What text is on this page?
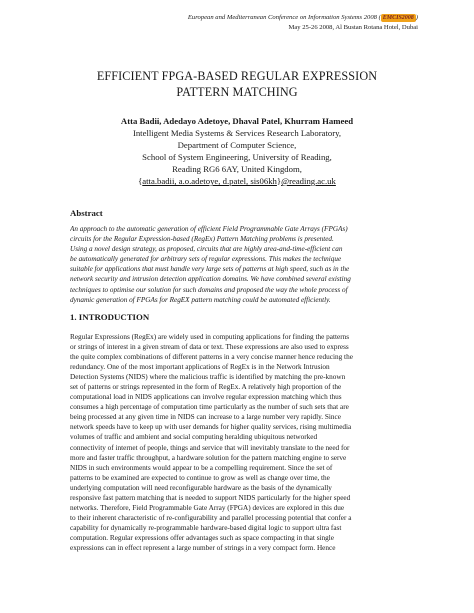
European and Mediterranean Conference on Information Systems 2008 ( EMCIS2008 )
May 25-26 2008, Al Bustan Rotana Hotel, Dubai
EFFICIENT FPGA-BASED REGULAR EXPRESSION
PATTERN MATCHING
Atta Badii, Adedayo Adetoye, Dhaval Patel, Khurram Hameed
Intelligent Media Systems & Services Research Laboratory,
Department of Computer Science,
School of System Engineering, University of Reading,
Reading RG6 6AY, United Kingdom,
{atta.badii, a.o.adetoye, d.patel, sis06kh}@reading.ac.uk
Abstract
An approach to the automatic generation of efficient Field Programmable Gate Arrays (FPGAs)
circuits for the Regular Expression-based (RegEx) Pattern Matching problems is presented.
Using a novel design strategy, as proposed, circuits that are highly area-and-time-efficient can
be automatically generated for arbitrary sets of regular expressions. This makes the technique
suitable for applications that must handle very large sets of patterns at high speed, such as in the
network security and intrusion detection application domains. We have combined several existing
techniques to optimise our solution for such domains and proposed the way the whole process of
dynamic generation of FPGAs for RegEX pattern matching could be automated efficiently.
1. INTRODUCTION
Regular Expressions (RegEx) are widely used in computing applications for finding the patterns
or strings of interest in a given stream of data or text. These expressions are also used to express
the quite complex combinations of different patterns in a very concise manner hence reducing the
redundancy. One of the most important applications of RegEx is in the Network Intrusion
Detection Systems (NIDS) where the malicious traffic is identified by matching the pre-known
set of patterns or strings represented in the form of RegEx. A relatively high proportion of the
computational load in NIDS applications can involve regular expression matching which thus
consumes a high percentage of computation time particularly as the number of such sets that are
being processed at any given time in NIDS can increase to a large number very rapidly. Since
network speeds have to keep up with user demands for higher quality services, rising multimedia
volumes of traffic and ambient and social computing heralding ubiquitous networked
connectivity of internet of people, things and service that will inevitably translate to the need for
more and faster traffic throughput, a hardware solution for the pattern matching engine to serve
NIDS in such environments would appear to be a compelling requirement. Since the set of
patterns to be examined are expected to continue to grow as well as change over time, the
underlying computation will need reconfigurable hardware as the basis of the dynamically
responsive fast pattern matching that is needed to support NIDS particularly for the higher speed
networks. Therefore, Field Programmable Gate Array (FPGA) devices are explored in this due
to their inherent characteristic of re-configurability and parallel processing potential that confer a
capability for dynamically re-programmable hardware-based digital logic to support ultra fast
computation. Regular expressions offer advantages such as space compacting in that single
expressions can in effect represent a large number of strings in a very compact form. Hence
